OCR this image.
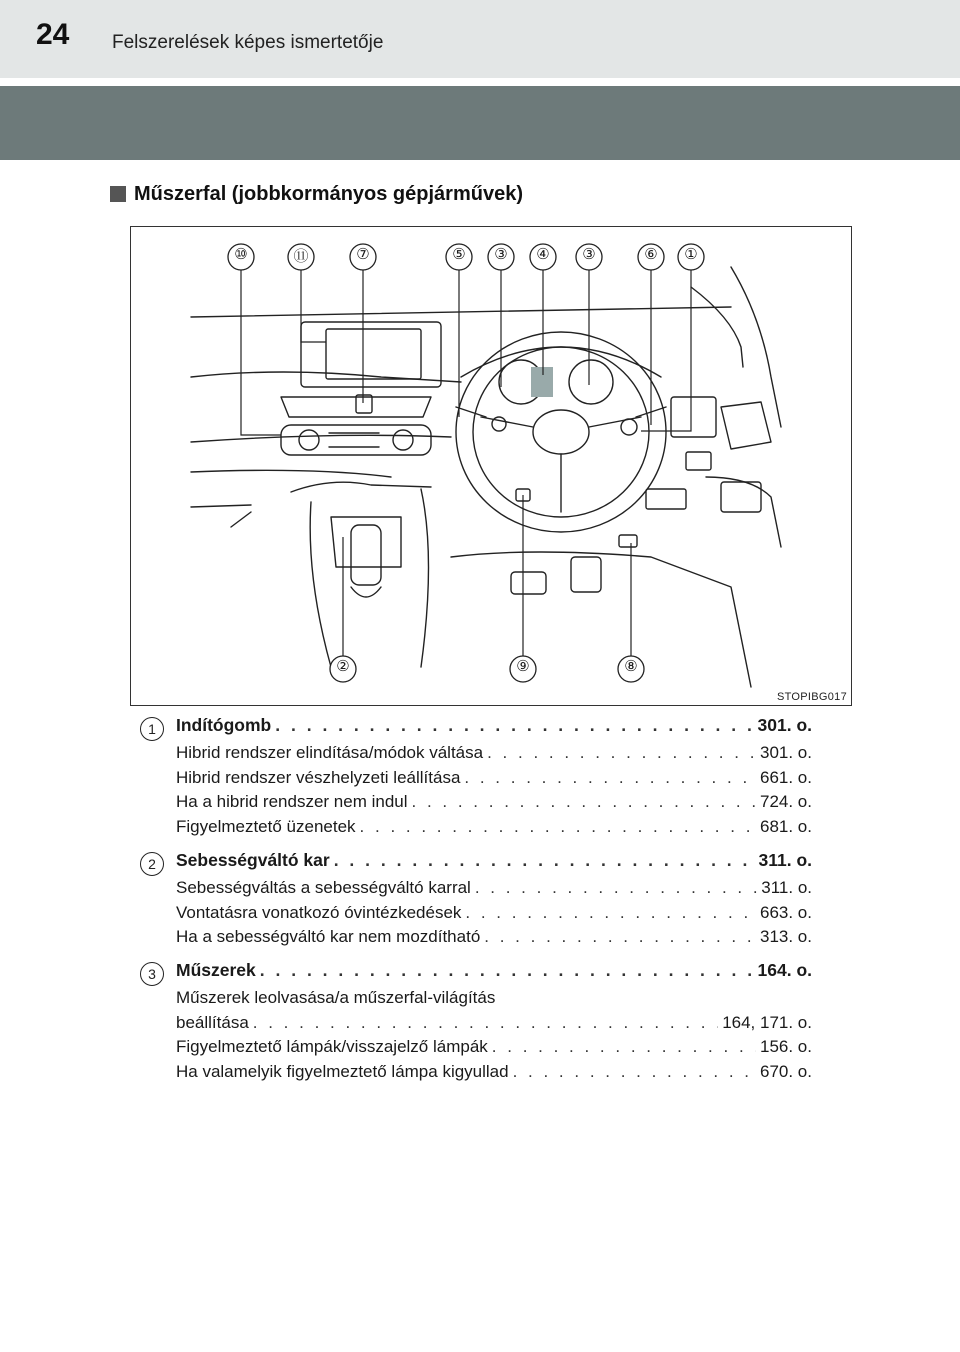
24 Felszerelések képes ismertetője
Műszerfal (jobbkormányos gépjárművek)
⑩	⑪	⑦	⑤	③	④	③	⑥	①
②	⑨	⑧
STOPIBG017
1	Indítógomb . . .	301. o.
Hibrid rendszer elindítása/módok váltása . . .	301. o.
Hibrid rendszer vészhelyzeti leállítása . . .	661. o.
Ha a hibrid rendszer nem indul . . .	724. o.
Figyelmeztető üzenetek . . .	681. o.
2	Sebességváltó kar . . .	311. o.
Sebességváltás a sebességváltó karral . . .	311. o.
Vontatásra vonatkozó óvintézkedések . . .	663. o.
Ha a sebességváltó kar nem mozdítható . . .	313. o.
3	Műszerek . . .	164. o.
Műszerek leolvasása/a műszerfal-világítás
beállítása . . .	164, 171. o.
Figyelmeztető lámpák/visszajelző lámpák . . .	156. o.
Ha valamelyik figyelmeztető lámpa kigyullad . . .	670. o.
